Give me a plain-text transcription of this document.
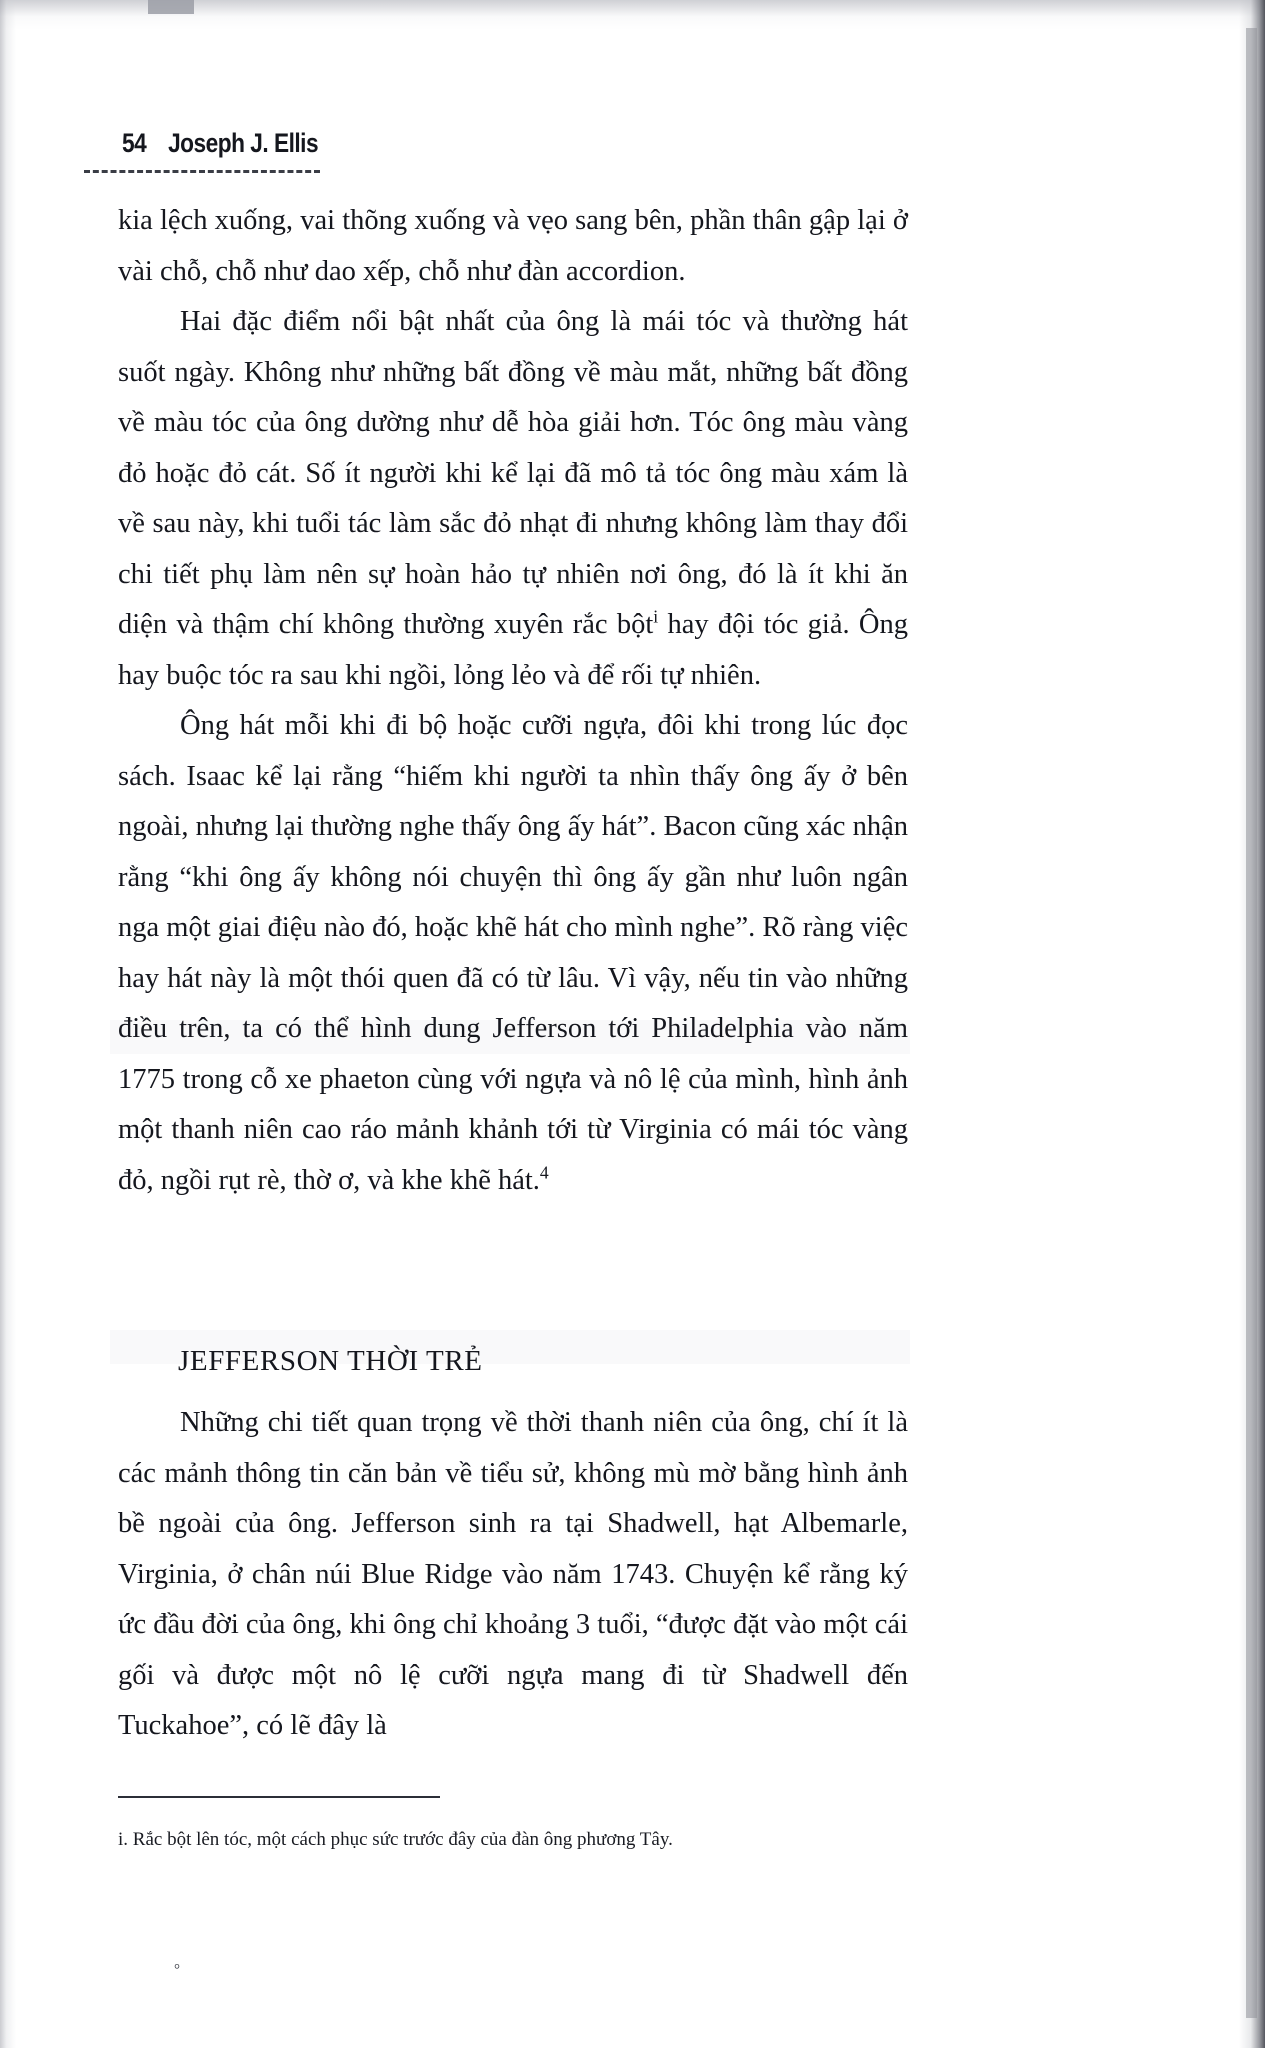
54 Joseph J. Ellis

kia lệch xuống, vai thõng xuống và vẹo sang bên, phần thân gập lại ở vài chỗ, chỗ như dao xếp, chỗ như đàn accordion.

Hai đặc điểm nổi bật nhất của ông là mái tóc và thường hát suốt ngày. Không như những bất đồng về màu mắt, những bất đồng về màu tóc của ông dường như dễ hòa giải hơn. Tóc ông màu vàng đỏ hoặc đỏ cát. Số ít người khi kể lại đã mô tả tóc ông màu xám là về sau này, khi tuổi tác làm sắc đỏ nhạt đi nhưng không làm thay đổi chi tiết phụ làm nên sự hoàn hảo tự nhiên nơi ông, đó là ít khi ăn diện và thậm chí không thường xuyên rắc bột$^i$ hay đội tóc giả. Ông hay buộc tóc ra sau khi ngồi, lỏng lẻo và để rối tự nhiên.

Ông hát mỗi khi đi bộ hoặc cưỡi ngựa, đôi khi trong lúc đọc sách. Isaac kể lại rằng “hiếm khi người ta nhìn thấy ông ấy ở bên ngoài, nhưng lại thường nghe thấy ông ấy hát”. Bacon cũng xác nhận rằng “khi ông ấy không nói chuyện thì ông ấy gần như luôn ngân nga một giai điệu nào đó, hoặc khẽ hát cho mình nghe”. Rõ ràng việc hay hát này là một thói quen đã có từ lâu. Vì vậy, nếu tin vào những điều trên, ta có thể hình dung Jefferson tới Philadelphia vào năm 1775 trong cỗ xe phaeton cùng với ngựa và nô lệ của mình, hình ảnh một thanh niên cao ráo mảnh khảnh tới từ Virginia có mái tóc vàng đỏ, ngồi rụt rè, thờ ơ, và khe khẽ hát.$^4$

JEFFERSON THỜI TRẺ

Những chi tiết quan trọng về thời thanh niên của ông, chí ít là các mảnh thông tin căn bản về tiểu sử, không mù mờ bằng hình ảnh bề ngoài của ông. Jefferson sinh ra tại Shadwell, hạt Albemarle, Virginia, ở chân núi Blue Ridge vào năm 1743. Chuyện kể rằng ký ức đầu đời của ông, khi ông chỉ khoảng 3 tuổi, “được đặt vào một cái gối và được một nô lệ cưỡi ngựa mang đi từ Shadwell đến Tuckahoe”, có lẽ đây là

i. Rắc bột lên tóc, một cách phục sức trước đây của đàn ông phương Tây.

°
